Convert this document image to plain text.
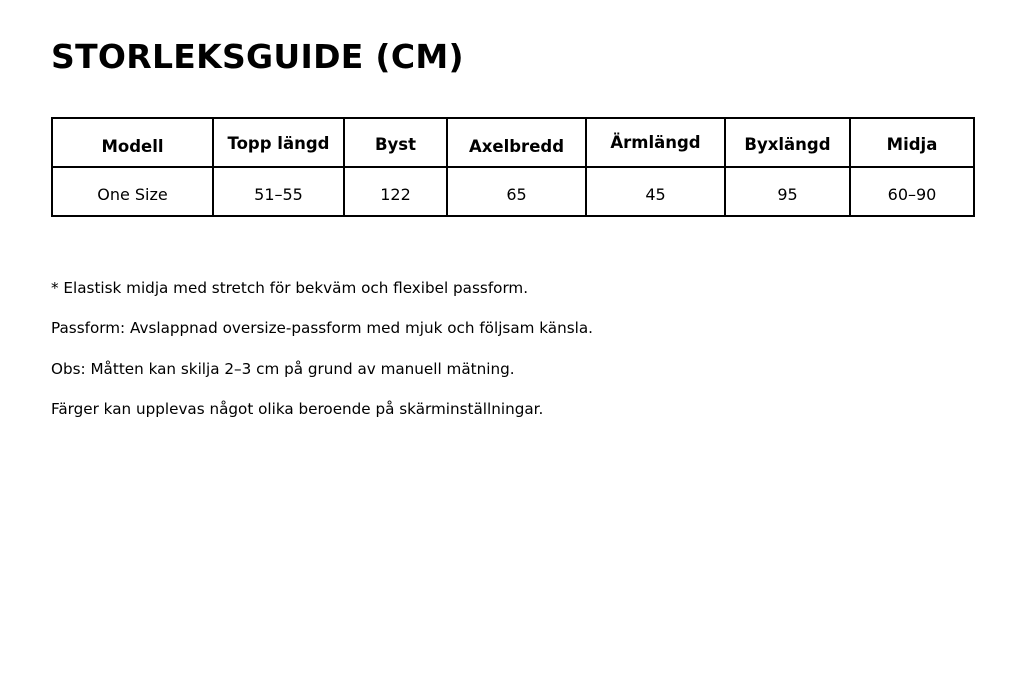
STORLEKSGUIDE (CM)
Modell	Topp längd	Byst	Axelbredd	Ärmlängd	Byxlängd	Midja
One Size	51–55	122	65	45	95	60–90
* Elastisk midja med stretch för bekväm och flexibel passform.
Passform: Avslappnad oversize-passform med mjuk och följsam känsla.
Obs: Måtten kan skilja 2–3 cm på grund av manuell mätning.
Färger kan upplevas något olika beroende på skärminställningar.
